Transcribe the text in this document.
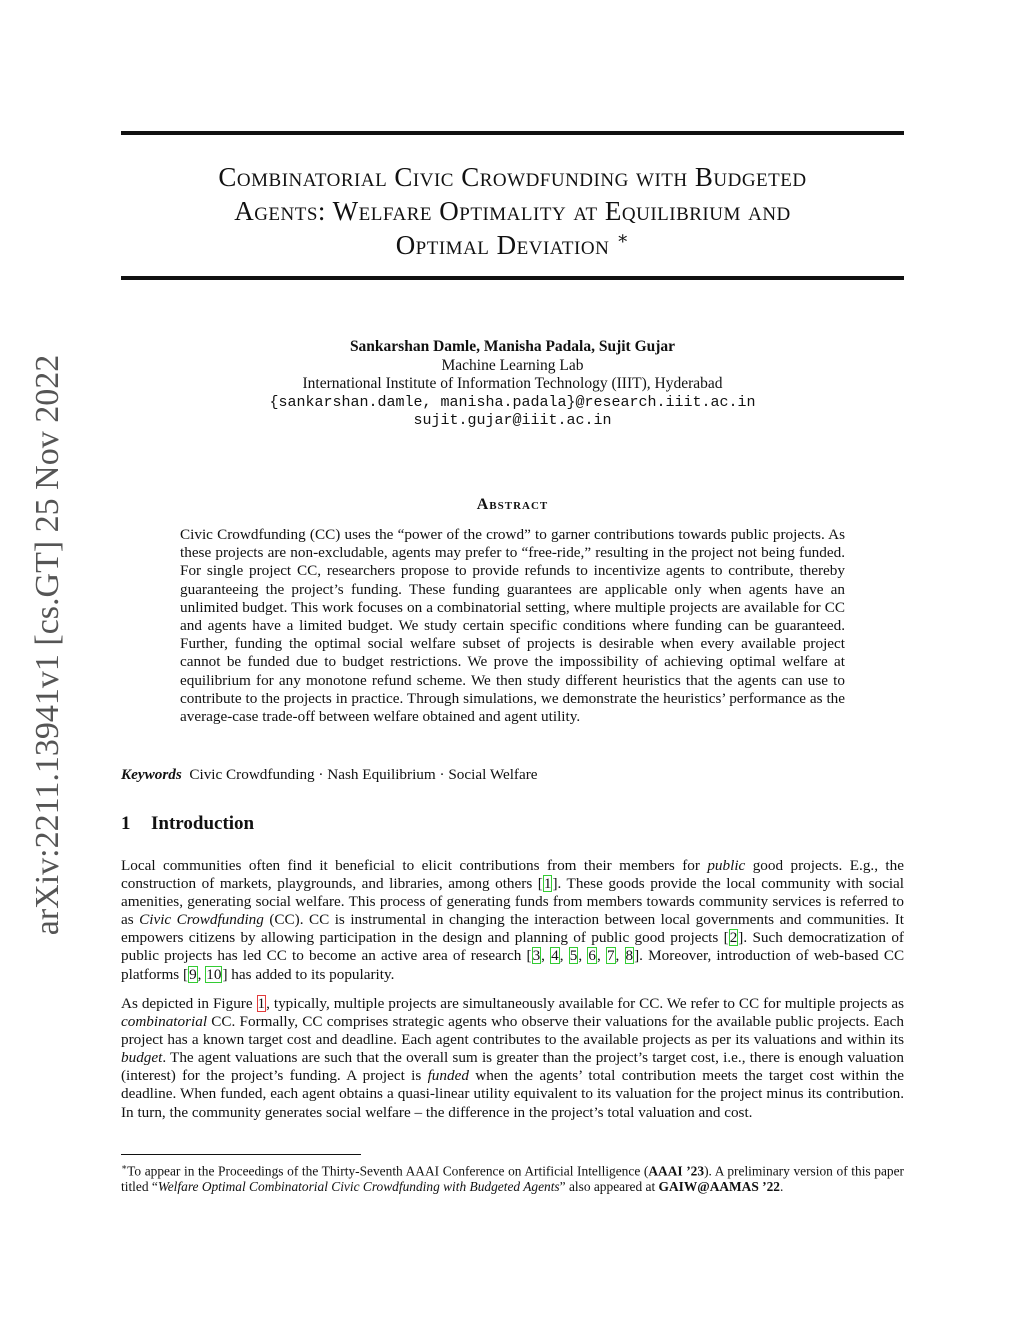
Combinatorial Civic Crowdfunding with Budgeted
Agents: Welfare Optimality at Equilibrium and
Optimal Deviation ∗
arXiv:2211.13941v1 [cs.GT] 25 Nov 2022
Sankarshan Damle, Manisha Padala, Sujit Gujar
Machine Learning Lab
International Institute of Information Technology (IIIT), Hyderabad
{sankarshan.damle, manisha.padala}@research.iiit.ac.in
sujit.gujar@iiit.ac.in
Abstract

Civic Crowdfunding (CC) uses the “power of the crowd” to garner contributions towards public projects. As these projects are non-excludable, agents may prefer to “free-ride,” resulting in the project not being funded. For single project CC, researchers propose to provide refunds to incentivize agents to contribute, thereby guaranteeing the project’s funding. These funding guarantees are applicable only when agents have an unlimited budget. This work focuses on a combinatorial setting, where multiple projects are available for CC and agents have a limited budget. We study certain specific conditions where funding can be guaranteed. Further, funding the optimal social welfare subset of projects is desirable when every available project cannot be funded due to budget restrictions. We prove the impossibility of achieving optimal welfare at equilibrium for any monotone refund scheme. We then study different heuristics that the agents can use to contribute to the projects in practice. Through simulations, we demonstrate the heuristics’ performance as the average-case trade-off between welfare obtained and agent utility.

Keywords Civic Crowdfunding · Nash Equilibrium · Social Welfare
1 Introduction

Local communities often find it beneficial to elicit contributions from their members for public good projects. E.g., the construction of markets, playgrounds, and libraries, among others [1]. These goods provide the local community with social amenities, generating social welfare. This process of generating funds from members towards community services is referred to as Civic Crowdfunding (CC). CC is instrumental in changing the interaction between local governments and communities. It empowers citizens by allowing participation in the design and planning of public good projects [2]. Such democratization of public projects has led CC to become an active area of research [3, 4, 5, 6, 7, 8]. Moreover, introduction of web-based CC platforms [9, 10] has added to its popularity.

As depicted in Figure 1, typically, multiple projects are simultaneously available for CC. We refer to CC for multiple projects as combinatorial CC. Formally, CC comprises strategic agents who observe their valuations for the available public projects. Each project has a known target cost and deadline. Each agent contributes to the available projects as per its valuations and within its budget. The agent valuations are such that the overall sum is greater than the project’s target cost, i.e., there is enough valuation (interest) for the project’s funding. A project is funded when the agents’ total contribution meets the target cost within the deadline. When funded, each agent obtains a quasi-linear utility equivalent to its valuation for the project minus its contribution. In turn, the community generates social welfare – the difference in the project’s total valuation and cost.

∗To appear in the Proceedings of the Thirty-Seventh AAAI Conference on Artificial Intelligence (AAAI ’23). A preliminary version of this paper titled “Welfare Optimal Combinatorial Civic Crowdfunding with Budgeted Agents” also appeared at GAIW@AAMAS ’22.
